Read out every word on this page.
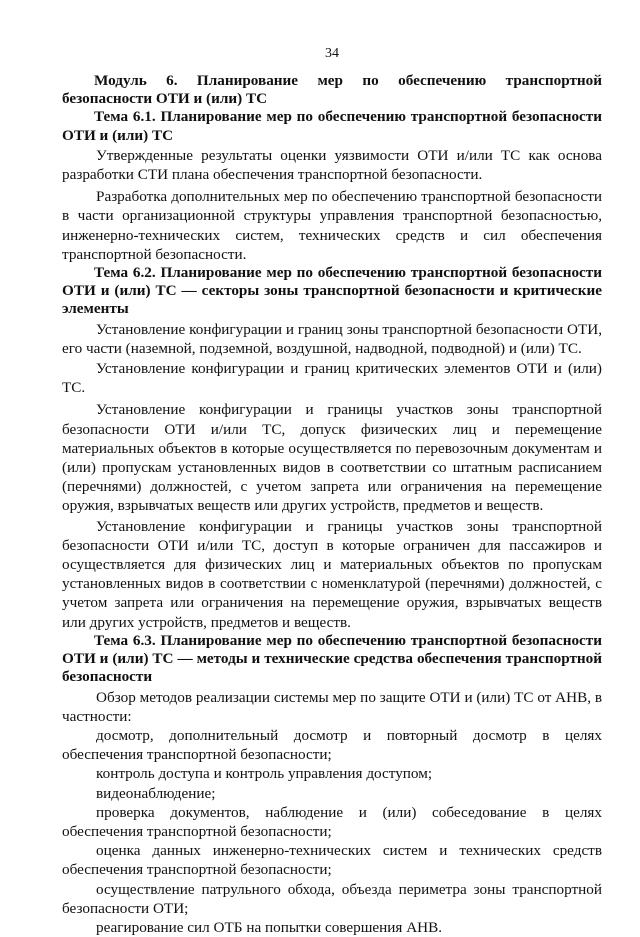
34

Модуль 6. Планирование мер по обеспечению транспортной безопасности ОТИ и (или) ТС

Тема 6.1. Планирование мер по обеспечению транспортной безопасности ОТИ и (или) ТС

Утвержденные результаты оценки уязвимости ОТИ и/или ТС как основа разработки СТИ плана обеспечения транспортной безопасности.

Разработка дополнительных мер по обеспечению транспортной безопасности в части организационной структуры управления транспортной безопасностью, инженерно-технических систем, технических средств и сил обеспечения транспортной безопасности.

Тема 6.2. Планирование мер по обеспечению транспортной безопасности ОТИ и (или) ТС — секторы зоны транспортной безопасности и критические элементы

Установление конфигурации и границ зоны транспортной безопасности ОТИ, его части (наземной, подземной, воздушной, надводной, подводной) и (или) ТС.

Установление конфигурации и границ критических элементов ОТИ и (или) ТС.

Установление конфигурации и границы участков зоны транспортной безопасности ОТИ и/или ТС, допуск физических лиц и перемещение материальных объектов в которые осуществляется по перевозочным документам и (или) пропускам установленных видов в соответствии со штатным расписанием (перечнями) должностей, с учетом запрета или ограничения на перемещение оружия, взрывчатых веществ или других устройств, предметов и веществ.

Установление конфигурации и границы участков зоны транспортной безопасности ОТИ и/или ТС, доступ в которые ограничен для пассажиров и осуществляется для физических лиц и материальных объектов по пропускам установленных видов в соответствии с номенклатурой (перечнями) должностей, с учетом запрета или ограничения на перемещение оружия, взрывчатых веществ или других устройств, предметов и веществ.

Тема 6.3. Планирование мер по обеспечению транспортной безопасности ОТИ и (или) ТС — методы и технические средства обеспечения транспортной безопасности

Обзор методов реализации системы мер по защите ОТИ и (или) ТС от АНВ, в частности:

досмотр, дополнительный досмотр и повторный досмотр в целях обеспечения транспортной безопасности;

контроль доступа и контроль управления доступом;

видеонаблюдение;

проверка документов, наблюдение и (или) собеседование в целях обеспечения транспортной безопасности;

оценка данных инженерно-технических систем и технических средств обеспечения транспортной безопасности;

осуществление патрульного обхода, объезда периметра зоны транспортной безопасности ОТИ;

реагирование сил ОТБ на попытки совершения АНВ.
